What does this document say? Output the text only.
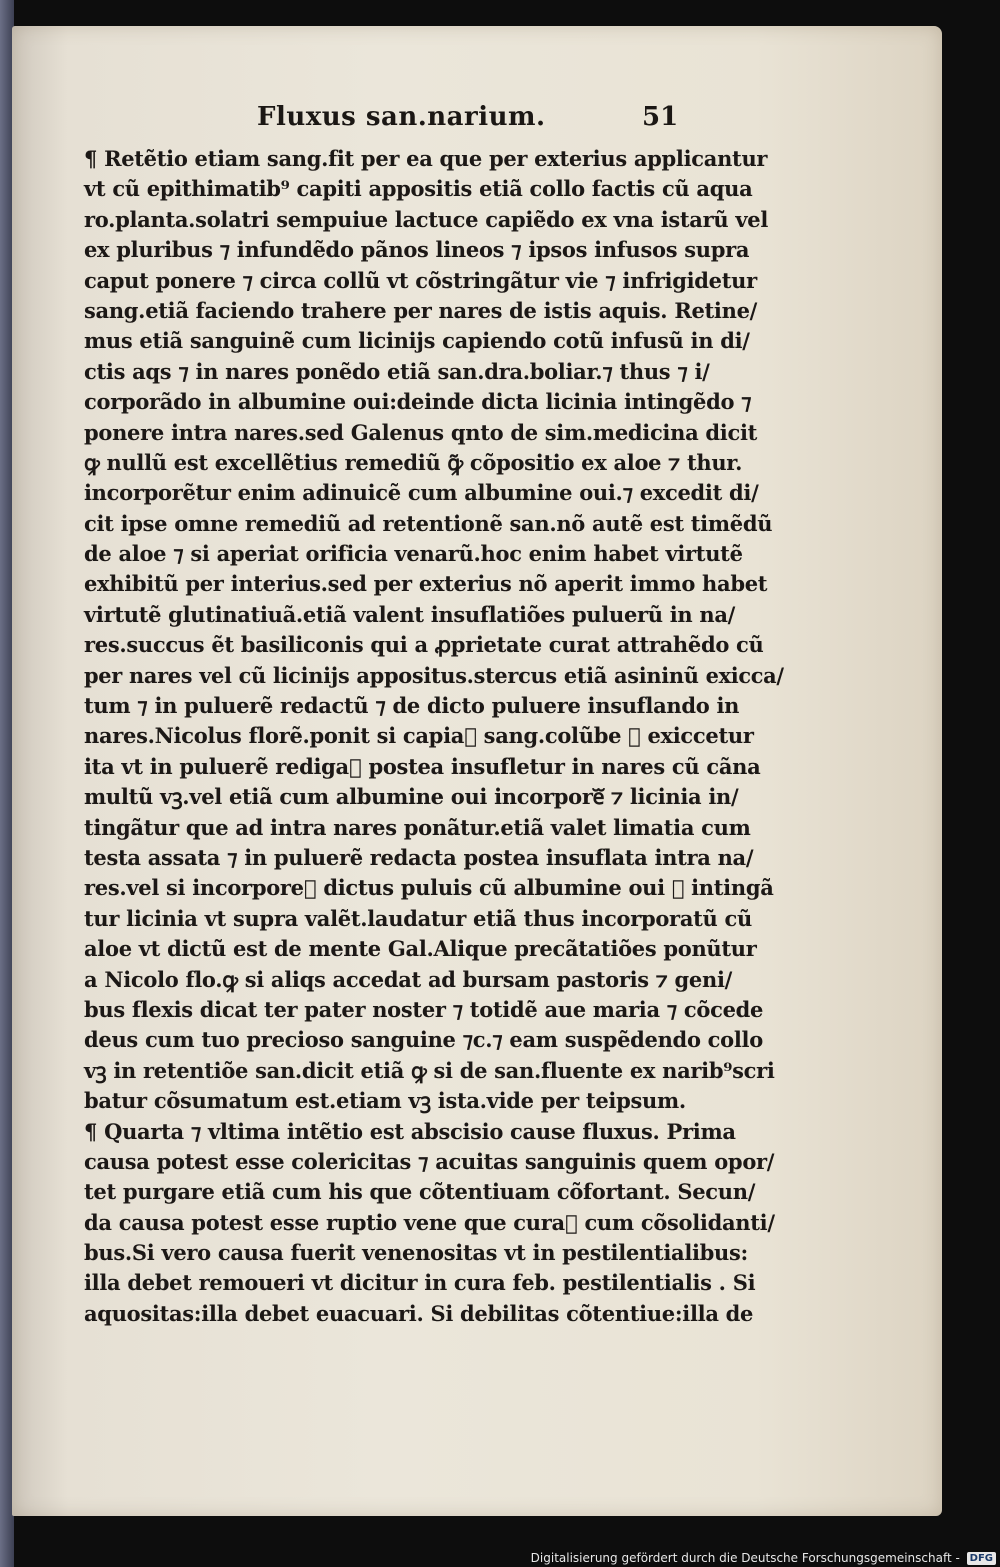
Fluxus san.narium.	51
¶ Retẽtio etiam sang.fit per ea que per exterius applicantur
vt cũ epithimatib⁹ capiti appositis etiã collo factis cũ aqua
ro.planta.solatri sempuiue lactuce capiẽdo ex vna istarũ vel
ex pluribus ⁊ infundẽdo pãnos lineos ⁊ ipsos infusos supra
caput ponere ⁊ circa collũ vt cõstringãtur vie ⁊ infrigidetur
sang.etiã faciendo trahere per nares de istis aquis. Retine/
mus etiã sanguinẽ cum licinijs capiendo cotũ infusũ in di/
ctis aqs ⁊ in nares ponẽdo etiã san.dra.boliar.⁊ thus ⁊ i/
corporãdo in albumine oui:deinde dicta licinia intingẽdo ⁊
ponere intra nares.sed Galenus qnto de sim.medicina dicit
ꝙ nullũ est excellẽtius remediũ ꝙ̃ cõpositio ex aloe ⁊ thur.
incorporẽtur enim adinuicẽ cum albumine oui.⁊ excedit di/
cit ipse omne remediũ ad retentionẽ san.nõ autẽ est timẽdũ
de aloe ⁊ si aperiat orificia venarũ.hoc enim habet virtutẽ
exhibitũ per interius.sed per exterius nõ aperit immo habet
virtutẽ glutinatiuã.etiã valent insuflatiões puluerũ in na/
res.succus ẽt basiliconis qui a ꝓprietate curat attrahẽdo cũ
per nares vel cũ licinijs appositus.stercus etiã asininũ exicca/
tum ⁊ in puluerẽ redactũ ⁊ de dicto puluere insuflando in
nares.Nicolus florẽ.ponit si capiaᷓ sang.colũbe ⁊ exiccetur
ita vt in puluerẽ redigaᷓ postea insufletur in nares cũ cãna
multũ vꝫ.vel etiã cum albumine oui incorporeᷓ ⁊ licinia in/
tingãtur que ad intra nares ponãtur.etiã valet limatia cum
testa assata ⁊ in puluerẽ redacta postea insuflata intra na/
res.vel si incorporeᷓ dictus puluis cũ albumine oui ⁊ intingã
tur licinia vt supra valẽt.laudatur etiã thus incorporatũ cũ
aloe vt dictũ est de mente Gal.Alique precãtatiões ponũtur
a Nicolo flo.ꝙ si aliqs accedat ad bursam pastoris ⁊ geni/
bus flexis dicat ter pater noster ⁊ totidẽ aue maria ⁊ cõcede
deus cum tuo precioso sanguine ⁊c.⁊ eam suspẽdendo collo
vꝫ in retentiõe san.dicit etiã ꝙ si de san.fluente ex narib⁹scri
batur cõsumatum est.etiam vꝫ ista.vide per teipsum.
¶ Quarta ⁊ vltima intẽtio est abscisio cause fluxus. Prima
causa potest esse colericitas ⁊ acuitas sanguinis quem opor/
tet purgare etiã cum his que cõtentiuam cõfortant. Secun/
da causa potest esse ruptio vene que curaᷓ cum cõsolidanti/
bus.Si vero causa fuerit venenositas vt in pestilentialibus:
illa debet remoueri vt dicitur in cura feb. pestilentialis . Si
aquositas:illa debet euacuari. Si debilitas cõtentiue:illa de
Digitalisierung gefördert durch die Deutsche Forschungsgemeinschaft - DFG
